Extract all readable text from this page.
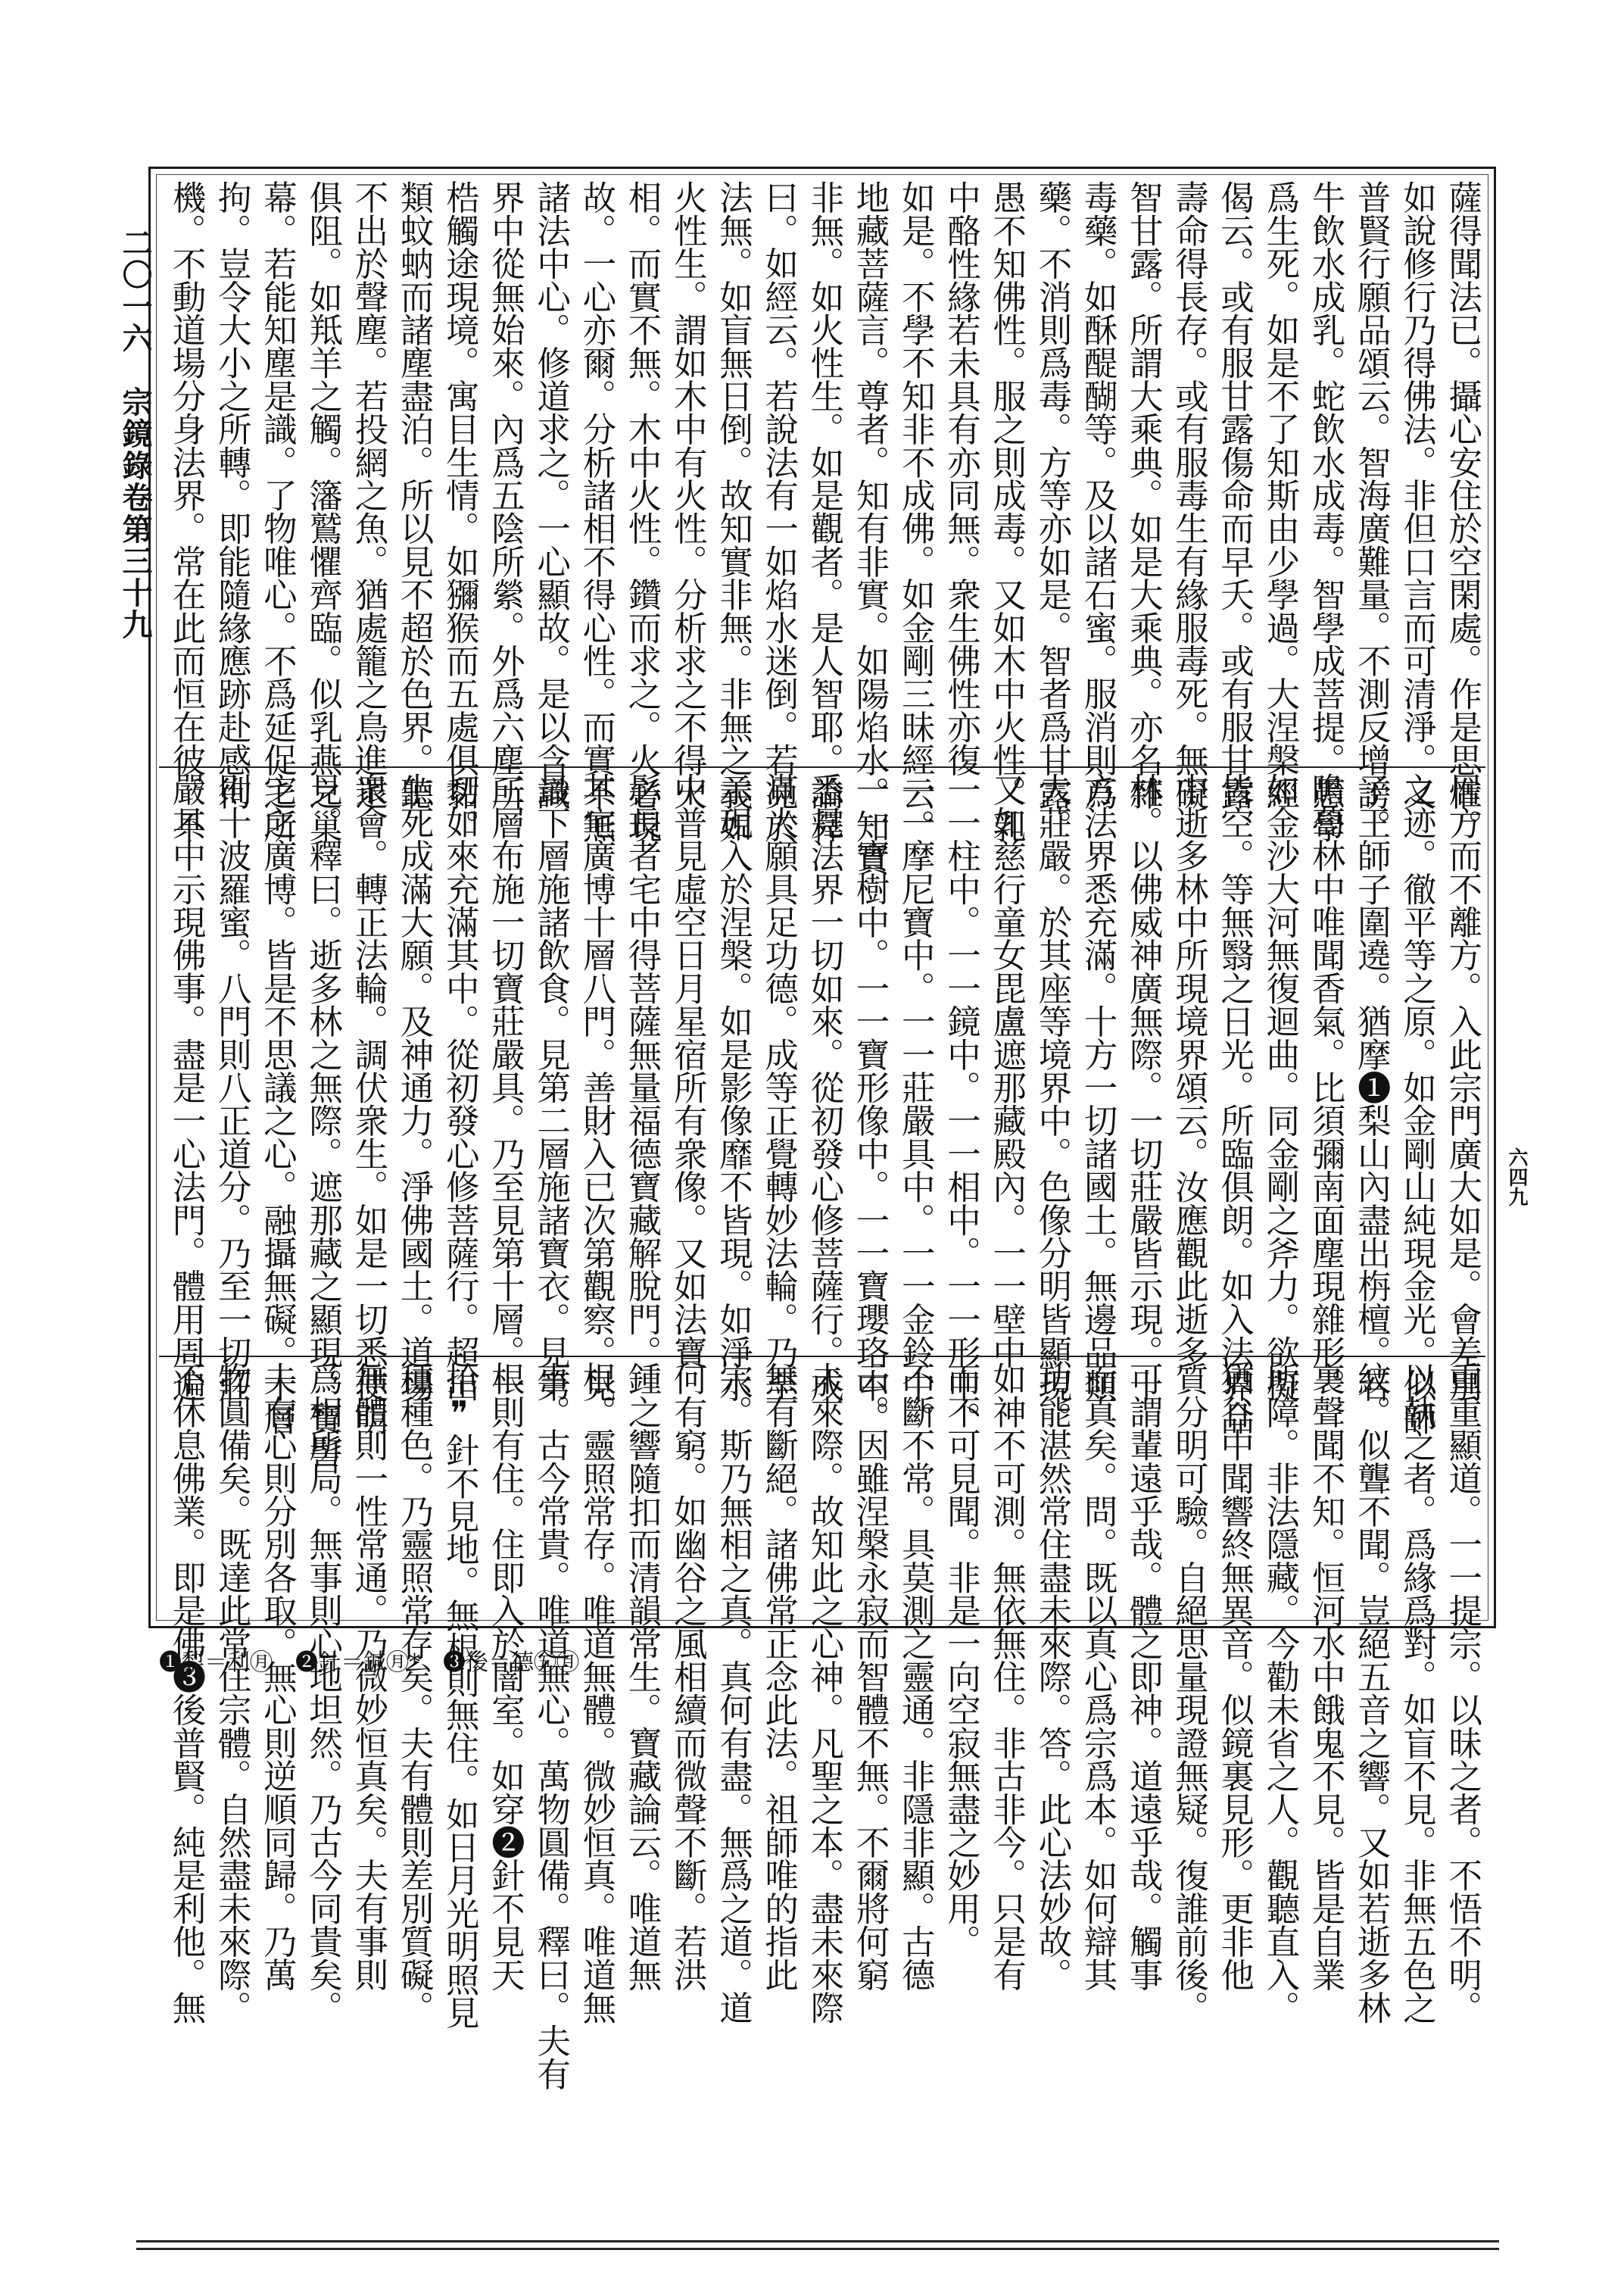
二〇一六　宗鏡錄卷第三十九
六四九
薩得聞法已。攝心安住於空閑處。作是思惟。
如說修行乃得佛法。非但口言而可清淨。又
普賢行願品頌云。智海廣難量。不測反增謗。
牛飲水成乳。蛇飲水成毒。智學成菩提。愚學
爲生死。如是不了知斯由少學過。大涅槃經
偈云。或有服甘露傷命而早夭。或有服甘露
壽命得長存。或有服毒生有緣服毒死。無礙
智甘露。所謂大乘典。如是大乘典。亦名雜
毒藥。如酥醍醐等。及以諸石蜜。服消則爲
藥。不消則爲毒。方等亦如是。智者爲甘露。
愚不知佛性。服之則成毒。又如木中火性。乳
中酪性緣若未具有亦同無。衆生佛性亦復
如是。不學不知非不成佛。如金剛三昧經云。
地藏菩薩言。尊者。知有非實。如陽焰水。知實
非無。如火性生。如是觀者。是人智耶。論釋
曰。如經云。若說法有一如焰水迷倒。若見於
法無。如盲無日倒。故知實非無。非無之義如
火性生。謂如木中有火性。分析求之不得火
相。而實不無。木中火性。鑽而求之。火必現
故。一心亦爾。分析諸相不得心性。而實不無
諸法中心。修道求之。一心顯故。是以含識
界中從無始來。內爲五陰所縈。外爲六塵所
梏觸途現境。寓目生情。如獼猴而五處俱黏。
類蚊蚋而諸塵盡泊。所以見不超於色界。聽
不出於聲塵。若投網之魚。猶處籠之鳥進退
俱阻。如羝羊之觸。籓鷲懼齊臨。似乳燕之巢
幕。若能知塵是識。了物唯心。不爲延促之所
拘。豈令大小之所轉。即能隨緣應跡赴感徇
機。不動道場分身法界。常在此而恒在彼。不
居方而不離方。入此宗門廣大如是。會差別
之迹。徹平等之原。如金剛山純現金光。似師
子王師子圍遶。猶摩❶梨山內盡出栴檀。若
瞻蔔林中唯聞香氣。比須彌南面塵現雜形。
如金沙大河無復迴曲。同金剛之斧力。欲擬
皆空。等無翳之日光。所臨俱朗。如入法界品
中逝多林中所現境界頌云。汝應觀此逝多
林。以佛威神廣無際。一切莊嚴皆示現。十
方法界悉充滿。十方一切諸國土。無邊品類
大莊嚴。於其座等境界中。色像分明皆顯現。
又如慈行童女毘盧遮那藏殿內。一一壁中
一一柱中。一一鏡中。一一相中。一一形中。
一一摩尼寶中。一一莊嚴具中。一一金鈴中。
一一寶樹中。一一寶形像中。一一寶瓔珞中。
悉見法界一切如來。從初發心修菩薩行。成
滿大願具足功德。成等正覺轉妙法輪。乃至
示現入於涅槃。如是影像靡不皆現。如淨水
中普見虛空日月星宿所有衆像。又如法寶
髻長者宅中得菩薩無量福德寶藏解脫門。
其宅廣博十層八門。善財入已次第觀察。見
最下層施諸飲食。見第二層施諸寶衣。見第
三層布施一切寶莊嚴具。乃至見第十層。一
切如來充滿其中。從初發心修菩薩行。超出
生死成滿大願。及神通力。淨佛國土。道場
衆會。轉正法輪。調伏衆生。如是一切悉使明
見。釋曰。逝多林之無際。遮那藏之顯現。寶髻
宅之廣博。皆是不思議之心。融攝無礙。十層
則十波羅蜜。八門則八正道分。乃至一切莊
嚴具中示現佛事。盡是一心法門。體用周遍
重重顯道。一一提宗。以昧之者。不悟不明。
以執之者。爲緣爲對。如盲不見。非無五色之
紋。似聾不聞。豈絕五音之響。又如若逝多林
裏聲聞不知。恒河水中餓鬼不見。皆是自業
所障。非法隱藏。今勸未省之人。觀聽直入。
猶谷中聞響終無異音。似鏡裏見形。更非他
質分明可驗。自絕思量現證無疑。復誰前後。
可謂輩遠乎哉。體之即神。道遠乎哉。觸事
而真矣。問。既以真心爲宗爲本。如何辯其
功能湛然常住盡未來際。答。此心法妙故。
如神不可測。無依無住。非古非今。只是有
而不可見聞。非是一向空寂無盡之妙用。
不斷不常。具莫測之靈通。非隱非顯。古德
云。因雖涅槃永寂而智體不無。不爾將何窮
未來際。故知此之心神。凡聖之本。盡未來際
無有斷絕。諸佛常正念此法。祖師唯的指此
宗。斯乃無相之真。真何有盡。無爲之道。道
何有窮。如幽谷之風相續而微聲不斷。若洪
鍾之響隨扣而清韻常生。寶藏論云。唯道無
根。靈照常存。唯道無體。微妙恒真。唯道無
事。古今常貴。唯道無心。萬物圓備。釋曰。夫有
根則有住。住即入於闇室。如穿❷針不見天
拾❞針不見地。無根則無住。如日月光明照見
種種色。乃靈照常存矣。夫有體則差別質礙。
無體則一性常通。乃微妙恒真矣。夫有事則
爲相所局。無事則心地坦然。乃古今同貴矣。
夫有心則分別各取。無心則逆順同歸。乃萬
物圓備矣。既達此常住宗體。自然盡未來際。
不休息佛業。即是佛❸後普賢。純是利他。無
❶梨＝利㊊　❷針＝鍼㊊*　❸後＝德㊄㊊
